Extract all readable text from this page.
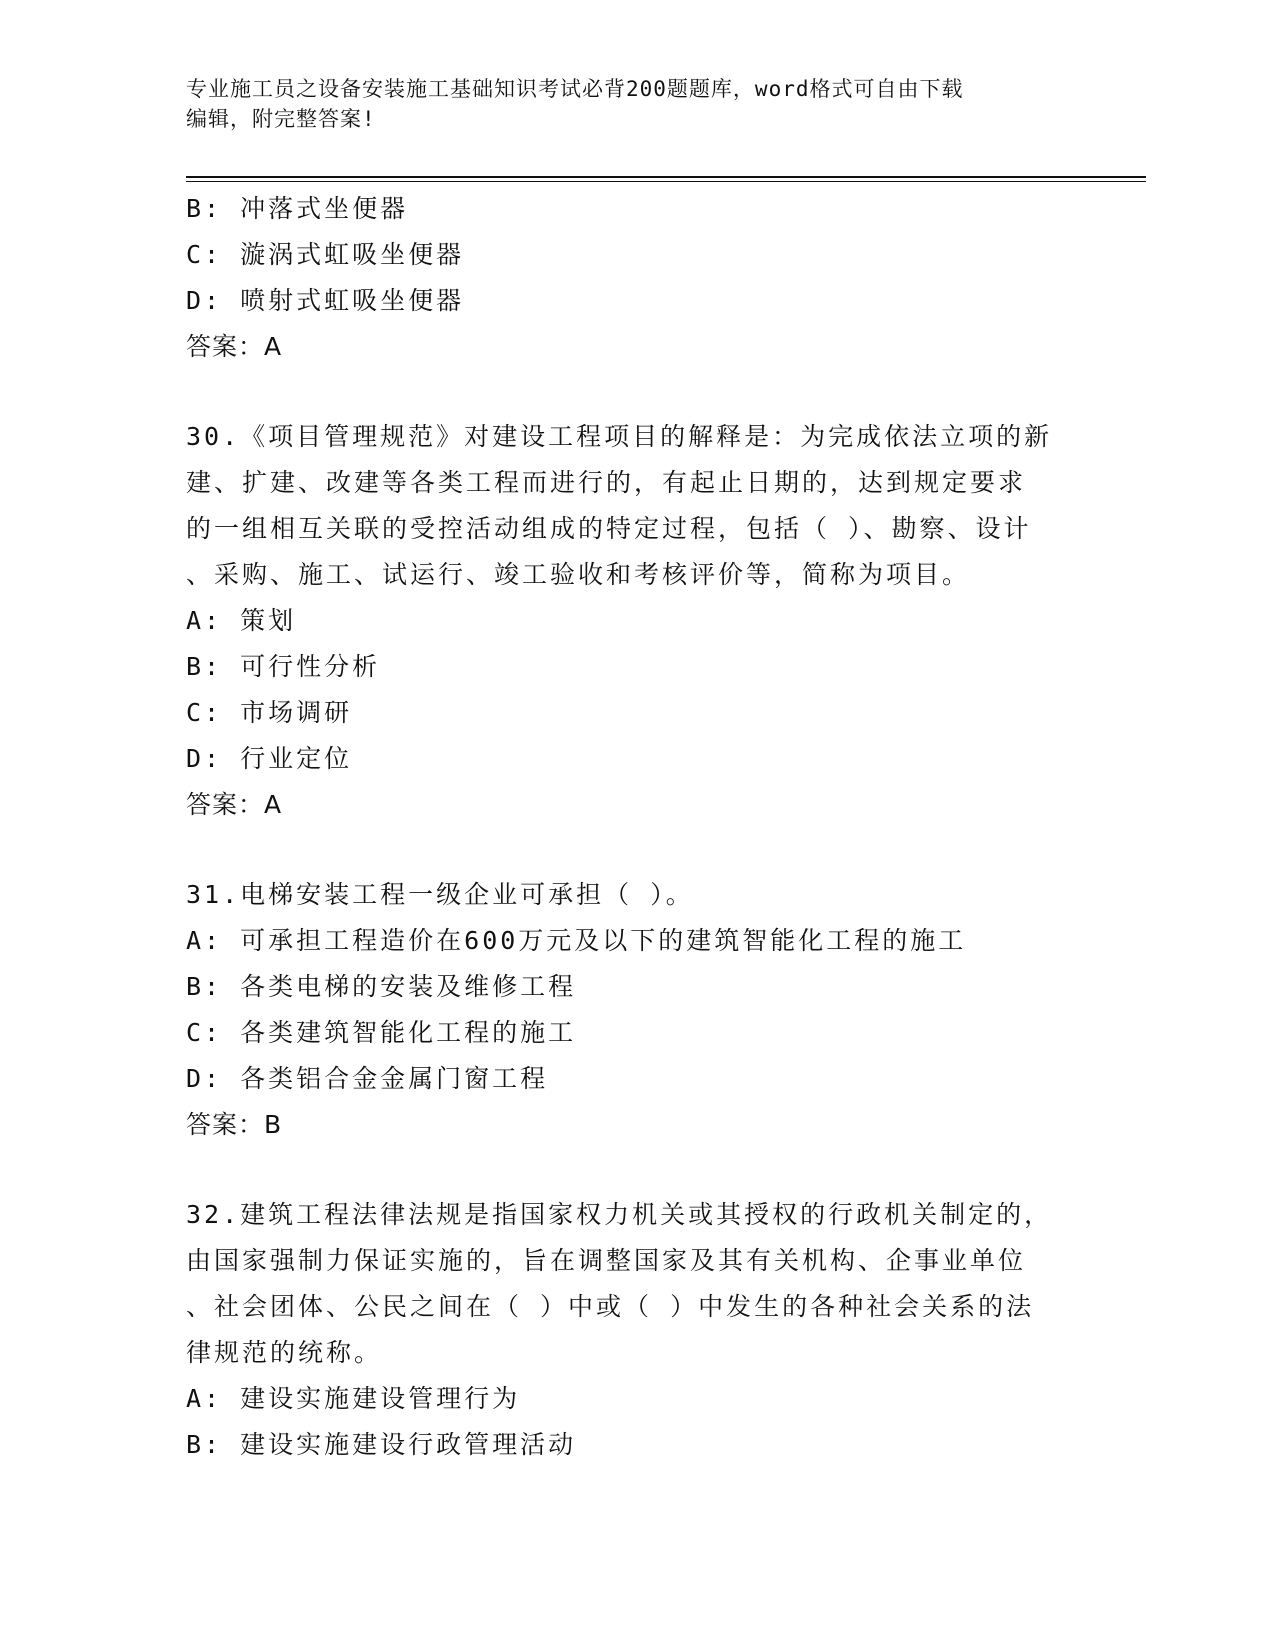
专业施工员之设备安装施工基础知识考试必背200题题库，word格式可自由下载
编辑，附完整答案!
B: 冲落式坐便器
C: 漩涡式虹吸坐便器
D: 喷射式虹吸坐便器
答案：A
30.《项目管理规范》对建设工程项目的解释是：为完成依法立项的新
建、扩建、改建等各类工程而进行的，有起止日期的，达到规定要求
的一组相互关联的受控活动组成的特定过程，包括（ ）、勘察、设计
、采购、施工、试运行、竣工验收和考核评价等，简称为项目。
A: 策划
B: 可行性分析
C: 市场调研
D: 行业定位
答案：A
31.电梯安装工程一级企业可承担（ ）。
A: 可承担工程造价在600万元及以下的建筑智能化工程的施工
B: 各类电梯的安装及维修工程
C: 各类建筑智能化工程的施工
D: 各类铝合金金属门窗工程
答案：B
32.建筑工程法律法规是指国家权力机关或其授权的行政机关制定的，
由国家强制力保证实施的，旨在调整国家及其有关机构、企事业单位
、社会团体、公民之间在（ ）中或（ ）中发生的各种社会关系的法
律规范的统称。
A: 建设实施建设管理行为
B: 建设实施建设行政管理活动
